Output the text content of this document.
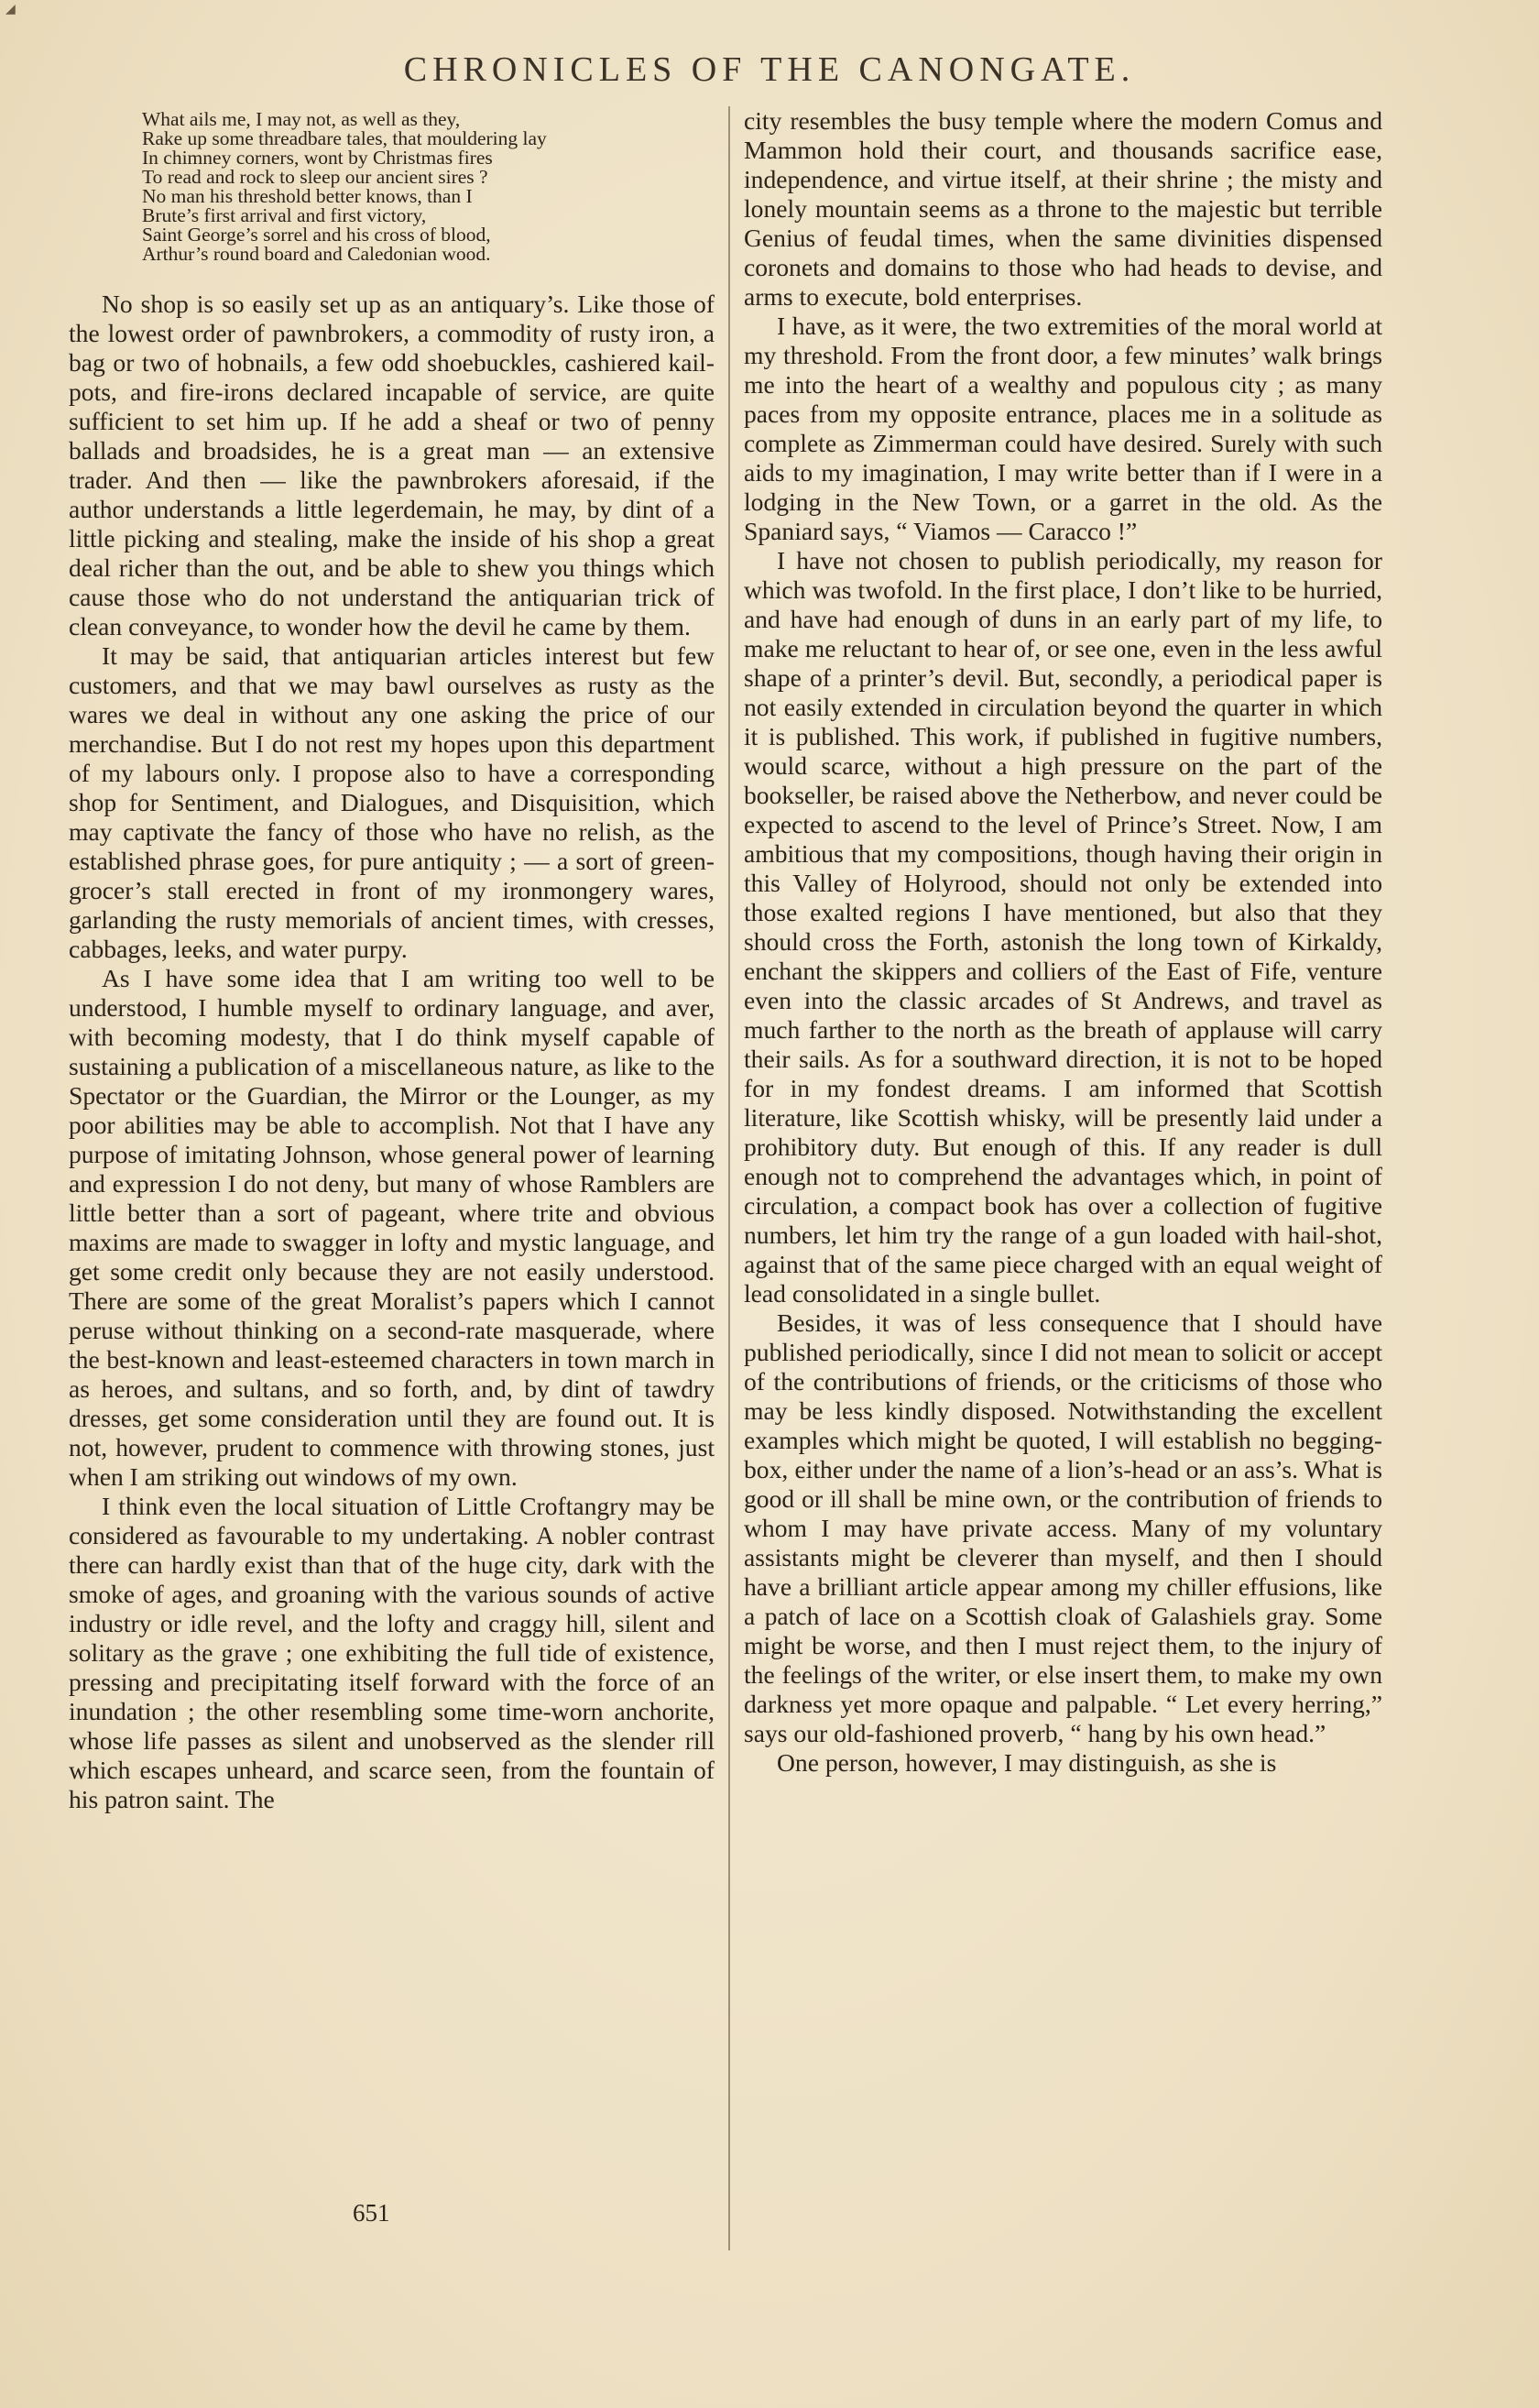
◢
CHRONICLES OF THE CANONGATE.
What ails me, I may not, as well as they,
Rake up some threadbare tales, that mouldering lay
In chimney corners, wont by Christmas fires
To read and rock to sleep our ancient sires ?
No man his threshold better knows, than I
Brute’s first arrival and first victory,
Saint George’s sorrel and his cross of blood,
Arthur’s round board and Caledonian wood.

No shop is so easily set up as an antiquary’s. Like those of the lowest order of pawnbrokers, a commodity of rusty iron, a bag or two of hobnails, a few odd shoebuckles, cashiered kail-pots, and fire-irons declared incapable of service, are quite sufficient to set him up. If he add a sheaf or two of penny ballads and broadsides, he is a great man — an extensive trader. And then — like the pawnbrokers aforesaid, if the author understands a little legerdemain, he may, by dint of a little picking and stealing, make the inside of his shop a great deal richer than the out, and be able to shew you things which cause those who do not understand the antiquarian trick of clean conveyance, to wonder how the devil he came by them.

It may be said, that antiquarian articles interest but few customers, and that we may bawl ourselves as rusty as the wares we deal in without any one asking the price of our merchandise. But I do not rest my hopes upon this department of my labours only. I propose also to have a corresponding shop for Sentiment, and Dialogues, and Disquisition, which may captivate the fancy of those who have no relish, as the established phrase goes, for pure antiquity ; — a sort of green-grocer’s stall erected in front of my ironmongery wares, garlanding the rusty memorials of ancient times, with cresses, cabbages, leeks, and water purpy.

As I have some idea that I am writing too well to be understood, I humble myself to ordinary language, and aver, with becoming modesty, that I do think myself capable of sustaining a publication of a miscellaneous nature, as like to the Spectator or the Guardian, the Mirror or the Lounger, as my poor abilities may be able to accomplish. Not that I have any purpose of imitating Johnson, whose general power of learning and expression I do not deny, but many of whose Ramblers are little better than a sort of pageant, where trite and obvious maxims are made to swagger in lofty and mystic language, and get some credit only because they are not easily understood. There are some of the great Moralist’s papers which I cannot peruse without thinking on a second-rate masquerade, where the best-known and least-esteemed characters in town march in as heroes, and sultans, and so forth, and, by dint of tawdry dresses, get some consideration until they are found out. It is not, however, prudent to commence with throwing stones, just when I am striking out windows of my own.

I think even the local situation of Little Croftangry may be considered as favourable to my undertaking. A nobler contrast there can hardly exist than that of the huge city, dark with the smoke of ages, and groaning with the various sounds of active industry or idle revel, and the lofty and craggy hill, silent and solitary as the grave ; one exhibiting the full tide of existence, pressing and precipitating itself forward with the force of an inundation ; the other resembling some time-worn anchorite, whose life passes as silent and unobserved as the slender rill which escapes unheard, and scarce seen, from the fountain of his patron saint. The

city resembles the busy temple where the modern Comus and Mammon hold their court, and thousands sacrifice ease, independence, and virtue itself, at their shrine ; the misty and lonely mountain seems as a throne to the majestic but terrible Genius of feudal times, when the same divinities dispensed coronets and domains to those who had heads to devise, and arms to execute, bold enterprises.

I have, as it were, the two extremities of the moral world at my threshold. From the front door, a few minutes’ walk brings me into the heart of a wealthy and populous city ; as many paces from my opposite entrance, places me in a solitude as complete as Zimmerman could have desired. Surely with such aids to my imagination, I may write better than if I were in a lodging in the New Town, or a garret in the old. As the Spaniard says, “ Viamos — Caracco !”

I have not chosen to publish periodically, my reason for which was twofold. In the first place, I don’t like to be hurried, and have had enough of duns in an early part of my life, to make me reluctant to hear of, or see one, even in the less awful shape of a printer’s devil. But, secondly, a periodical paper is not easily extended in circulation beyond the quarter in which it is published. This work, if published in fugitive numbers, would scarce, without a high pressure on the part of the bookseller, be raised above the Netherbow, and never could be expected to ascend to the level of Prince’s Street. Now, I am ambitious that my compositions, though having their origin in this Valley of Holyrood, should not only be extended into those exalted regions I have mentioned, but also that they should cross the Forth, astonish the long town of Kirkaldy, enchant the skippers and colliers of the East of Fife, venture even into the classic arcades of St Andrews, and travel as much farther to the north as the breath of applause will carry their sails. As for a southward direction, it is not to be hoped for in my fondest dreams. I am informed that Scottish literature, like Scottish whisky, will be presently laid under a prohibitory duty. But enough of this. If any reader is dull enough not to comprehend the advantages which, in point of circulation, a compact book has over a collection of fugitive numbers, let him try the range of a gun loaded with hail-shot, against that of the same piece charged with an equal weight of lead consolidated in a single bullet.

Besides, it was of less consequence that I should have published periodically, since I did not mean to solicit or accept of the contributions of friends, or the criticisms of those who may be less kindly disposed. Notwithstanding the excellent examples which might be quoted, I will establish no begging-box, either under the name of a lion’s-head or an ass’s. What is good or ill shall be mine own, or the contribution of friends to whom I may have private access. Many of my voluntary assistants might be cleverer than myself, and then I should have a brilliant article appear among my chiller effusions, like a patch of lace on a Scottish cloak of Galashiels gray. Some might be worse, and then I must reject them, to the injury of the feelings of the writer, or else insert them, to make my own darkness yet more opaque and palpable. “ Let every herring,” says our old-fashioned proverb, “ hang by his own head.”

One person, however, I may distinguish, as she is

651
